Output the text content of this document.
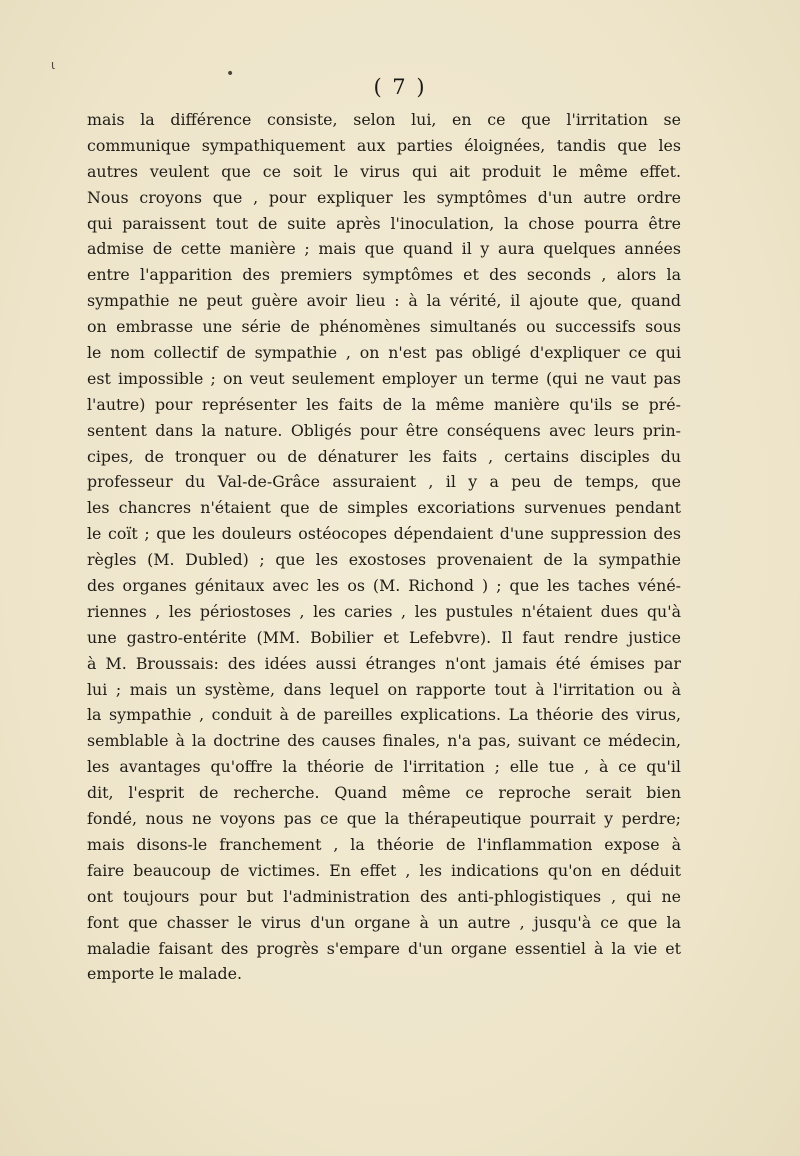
ι
•
( 7 )
mais la différence consiste, selon lui, en ce que l'irritation se
communique sympathiquement aux parties éloignées, tandis que les
autres veulent que ce soit le virus qui ait produit le même effet.
Nous croyons que , pour expliquer les symptômes d'un autre ordre
qui paraissent tout de suite après l'inoculation, la chose pourra être
admise de cette manière ; mais que quand il y aura quelques années
entre l'apparition des premiers symptômes et des seconds , alors la
sympathie ne peut guère avoir lieu : à la vérité, il ajoute que, quand
on embrasse une série de phénomènes simultanés ou successifs sous
le nom collectif de sympathie , on n'est pas obligé d'expliquer ce qui
est impossible ; on veut seulement employer un terme (qui ne vaut pas
l'autre) pour représenter les faits de la même manière qu'ils se pré-
sentent dans la nature. Obligés pour être conséquens avec leurs prin-
cipes, de tronquer ou de dénaturer les faits , certains disciples du
professeur du Val-de-Grâce assuraient , il y a peu de temps, que
les chancres n'étaient que de simples excoriations survenues pendant
le coït ; que les douleurs ostéocopes dépendaient d'une suppression des
règles (M. Dubled) ; que les exostoses provenaient de la sympathie
des organes génitaux avec les os (M. Richond ) ; que les taches véné-
riennes , les périostoses , les caries , les pustules n'étaient dues qu'à
une gastro-entérite (MM. Bobilier et Lefebvre). Il faut rendre justice
à M. Broussais: des idées aussi étranges n'ont jamais été émises par
lui ; mais un système, dans lequel on rapporte tout à l'irritation ou à
la sympathie , conduit à de pareilles explications. La théorie des virus,
semblable à la doctrine des causes finales, n'a pas, suivant ce médecin,
les avantages qu'offre la théorie de l'irritation ; elle tue , à ce qu'il
dit, l'esprit de recherche. Quand même ce reproche serait bien
fondé, nous ne voyons pas ce que la thérapeutique pourrait y perdre;
mais disons-le franchement , la théorie de l'inflammation expose à
faire beaucoup de victimes. En effet , les indications qu'on en déduit
ont toujours pour but l'administration des anti-phlogistiques , qui ne
font que chasser le virus d'un organe à un autre , jusqu'à ce que la
maladie faisant des progrès s'empare d'un organe essentiel à la vie et
emporte le malade.
